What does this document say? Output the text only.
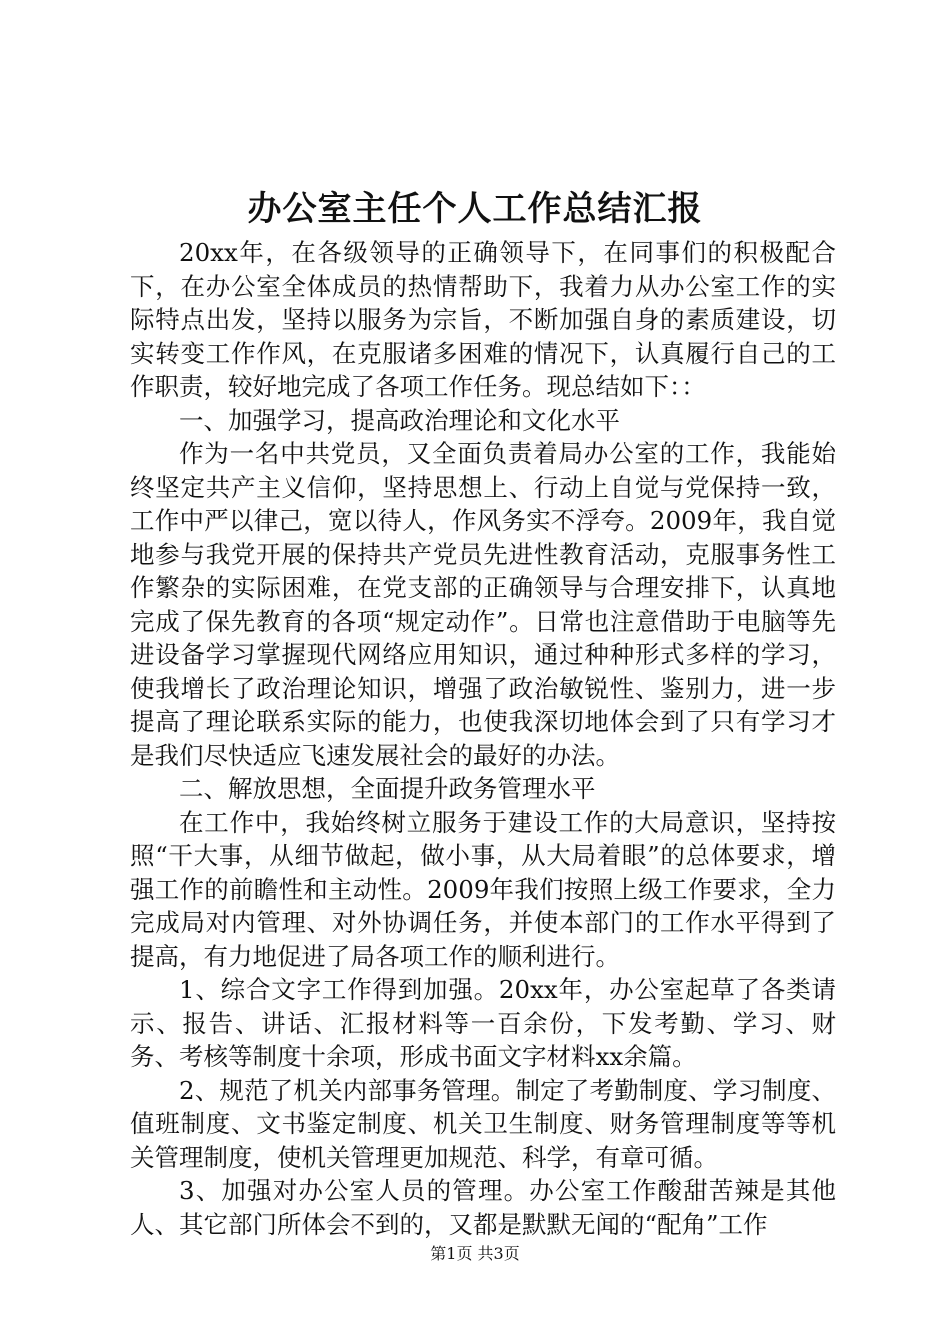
办公室主任个人工作总结汇报

20xx年，在各级领导的正确领导下，在同事们的积极配合下，在办公室全体成员的热情帮助下，我着力从办公室工作的实际特点出发，坚持以服务为宗旨，不断加强自身的素质建设，切实转变工作作风，在克服诸多困难的情况下，认真履行自己的工作职责，较好地完成了各项工作任务。现总结如下：：

一、加强学习，提高政治理论和文化水平

作为一名中共党员，又全面负责着局办公室的工作，我能始终坚定共产主义信仰，坚持思想上、行动上自觉与党保持一致，工作中严以律己，宽以待人，作风务实不浮夸。2009年，我自觉地参与我党开展的保持共产党员先进性教育活动，克服事务性工作繁杂的实际困难，在党支部的正确领导与合理安排下，认真地完成了保先教育的各项“规定动作”。日常也注意借助于电脑等先进设备学习掌握现代网络应用知识，通过种种形式多样的学习，使我增长了政治理论知识，增强了政治敏锐性、鉴别力，进一步提高了理论联系实际的能力，也使我深切地体会到了只有学习才是我们尽快适应飞速发展社会的最好的办法。

二、解放思想，全面提升政务管理水平

在工作中，我始终树立服务于建设工作的大局意识，坚持按照“干大事，从细节做起，做小事，从大局着眼”的总体要求，增强工作的前瞻性和主动性。2009年我们按照上级工作要求，全力完成局对内管理、对外协调任务，并使本部门的工作水平得到了提高，有力地促进了局各项工作的顺利进行。

1、综合文字工作得到加强。20xx年，办公室起草了各类请示、报告、讲话、汇报材料等一百余份，下发考勤、学习、财务、考核等制度十余项，形成书面文字材料xx余篇。

2、规范了机关内部事务管理。制定了考勤制度、学习制度、值班制度、文书鉴定制度、机关卫生制度、财务管理制度等等机关管理制度，使机关管理更加规范、科学，有章可循。

3、加强对办公室人员的管理。办公室工作酸甜苦辣是其他人、其它部门所体会不到的，又都是默默无闻的“配角”工作

第1页 共3页
